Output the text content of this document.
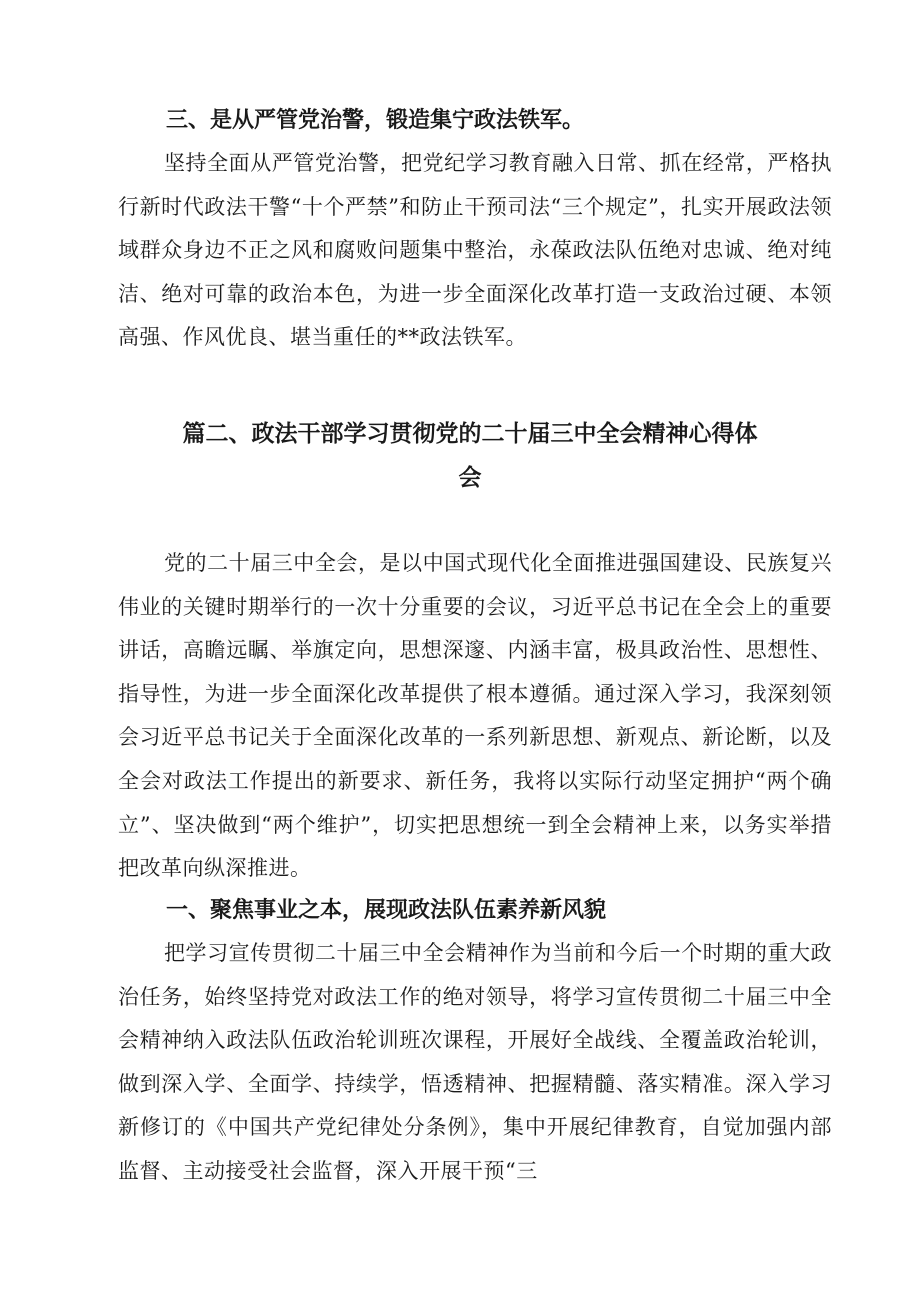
三、是从严管党治警，锻造集宁政法铁军。

坚持全面从严管党治警，把党纪学习教育融入日常、抓在经常，严格执行新时代政法干警“十个严禁”和防止干预司法“三个规定”，扎实开展政法领域群众身边不正之风和腐败问题集中整治，永葆政法队伍绝对忠诚、绝对纯洁、绝对可靠的政治本色，为进一步全面深化改革打造一支政治过硬、本领高强、作风优良、堪当重任的**政法铁军。

篇二、政法干部学习贯彻党的二十届三中全会精神心得体
会

党的二十届三中全会，是以中国式现代化全面推进强国建设、民族复兴伟业的关键时期举行的一次十分重要的会议，习近平总书记在全会上的重要讲话，高瞻远瞩、举旗定向，思想深邃、内涵丰富，极具政治性、思想性、指导性，为进一步全面深化改革提供了根本遵循。通过深入学习，我深刻领会习近平总书记关于全面深化改革的一系列新思想、新观点、新论断，以及全会对政法工作提出的新要求、新任务，我将以实际行动坚定拥护“两个确立”、坚决做到“两个维护”，切实把思想统一到全会精神上来，以务实举措把改革向纵深推进。

一、聚焦事业之本，展现政法队伍素养新风貌

把学习宣传贯彻二十届三中全会精神作为当前和今后一个时期的重大政治任务，始终坚持党对政法工作的绝对领导，将学习宣传贯彻二十届三中全会精神纳入政法队伍政治轮训班次课程，开展好全战线、全覆盖政治轮训，做到深入学、全面学、持续学，悟透精神、把握精髓、落实精准。深入学习新修订的《中国共产党纪律处分条例》，集中开展纪律教育，自觉加强内部监督、主动接受社会监督，深入开展干预“三
